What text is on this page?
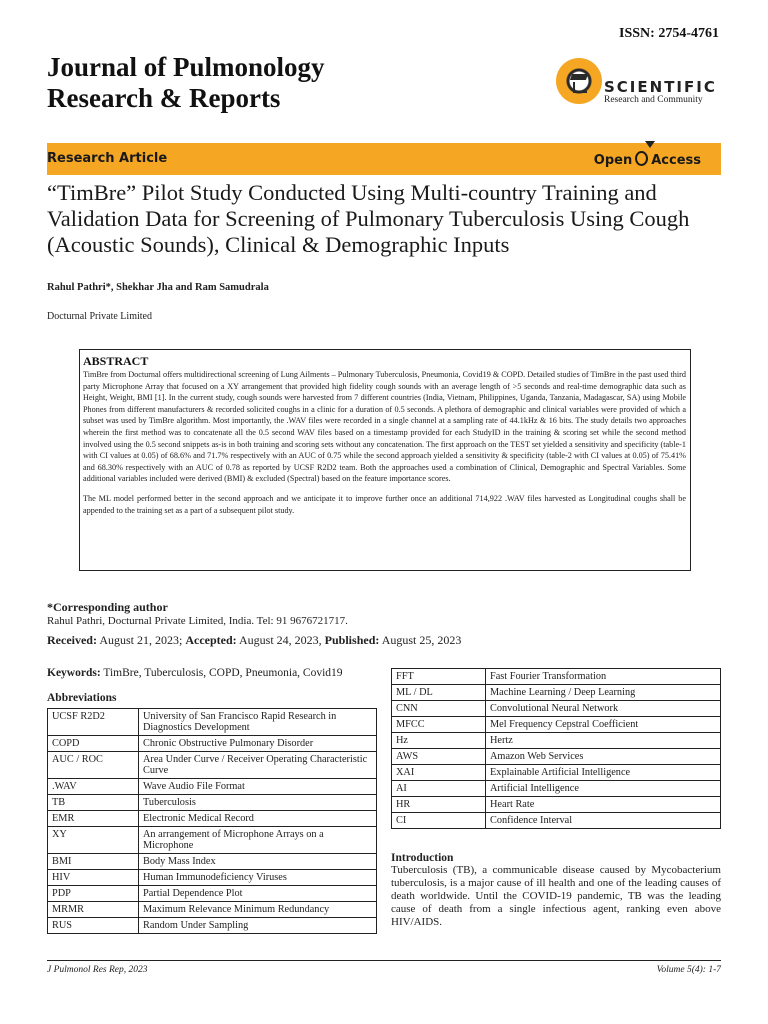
ISSN: 2754-4761
Journal of Pulmonology
Research & Reports	SCIENTIFIC
Research and Community
Research Article	Open Access
“TimBre” Pilot Study Conducted Using Multi-country Training and Validation Data for Screening of Pulmonary Tuberculosis Using Cough (Acoustic Sounds), Clinical & Demographic Inputs
Rahul Pathri*, Shekhar Jha and Ram Samudrala
Docturnal Private Limited
ABSTRACT

TimBre from Docturnal offers multidirectional screening of Lung Ailments – Pulmonary Tuberculosis, Pneumonia, Covid19 & COPD. Detailed studies of TimBre in the past used third party Microphone Array that focused on a XY arrangement that provided high fidelity cough sounds with an average length of >5 seconds and real-time demographic data such as Height, Weight, BMI [1]. In the current study, cough sounds were harvested from 7 different countries (India, Vietnam, Philippines, Uganda, Tanzania, Madagascar, SA) using Mobile Phones from different manufacturers & recorded solicited coughs in a clinic for a duration of 0.5 seconds. A plethora of demographic and clinical variables were provided of which a subset was used by TimBre algorithm. Most importantly, the .WAV files were recorded in a single channel at a sampling rate of 44.1kHz & 16 bits. The study details two approaches wherein the first method was to concatenate all the 0.5 second WAV files based on a timestamp provided for each StudyID in the training & scoring set while the second method involved using the 0.5 second snippets as-is in both training and scoring sets without any concatenation. The first approach on the TEST set yielded a sensitivity and specificity (table-1 with CI values at 0.05) of 68.6% and 71.7% respectively with an AUC of 0.75 while the second approach yielded a sensitivity & specificity (table-2 with CI values at 0.05) of 75.41% and 68.30% respectively with an AUC of 0.78 as reported by UCSF R2D2 team. Both the approaches used a combination of Clinical, Demographic and Spectral Variables. Some additional variables included were derived (BMI) & excluded (Spectral) based on the feature importance scores.

The ML model performed better in the second approach and we anticipate it to improve further once an additional 714,922 .WAV files harvested as Longitudinal coughs shall be appended to the training set as a part of a subsequent pilot study.

*Corresponding author
Rahul Pathri, Docturnal Private Limited, India. Tel: 91 9676721717.
Received: August 21, 2023; Accepted: August 24, 2023, Published: August 25, 2023
Keywords: TimBre, Tuberculosis, COPD, Pneumonia, Covid19
Abbreviations
UCSF R2D2	University of San Francisco Rapid Research in Diagnostics Development
COPD	Chronic Obstructive Pulmonary Disorder
AUC / ROC	Area Under Curve / Receiver Operating Characteristic Curve
.WAV	Wave Audio File Format
TB	Tuberculosis
EMR	Electronic Medical Record
XY	An arrangement of Microphone Arrays on a Microphone
BMI	Body Mass Index
HIV	Human Immunodeficiency Viruses
PDP	Partial Dependence Plot
MRMR	Maximum Relevance Minimum Redundancy
RUS	Random Under Sampling
FFT	Fast Fourier Transformation
ML / DL	Machine Learning / Deep Learning
CNN	Convolutional Neural Network
MFCC	Mel Frequency Cepstral Coefficient
Hz	Hertz
AWS	Amazon Web Services
XAI	Explainable Artificial Intelligence
AI	Artificial Intelligence
HR	Heart Rate
CI	Confidence Interval
Introduction

Tuberculosis (TB), a communicable disease caused by Mycobacterium tuberculosis, is a major cause of ill health and one of the leading causes of death worldwide. Until the COVID-19 pandemic, TB was the leading cause of death from a single infectious agent, ranking even above HIV/AIDS.

J Pulmonol Res Rep, 2023	Volume 5(4): 1-7
